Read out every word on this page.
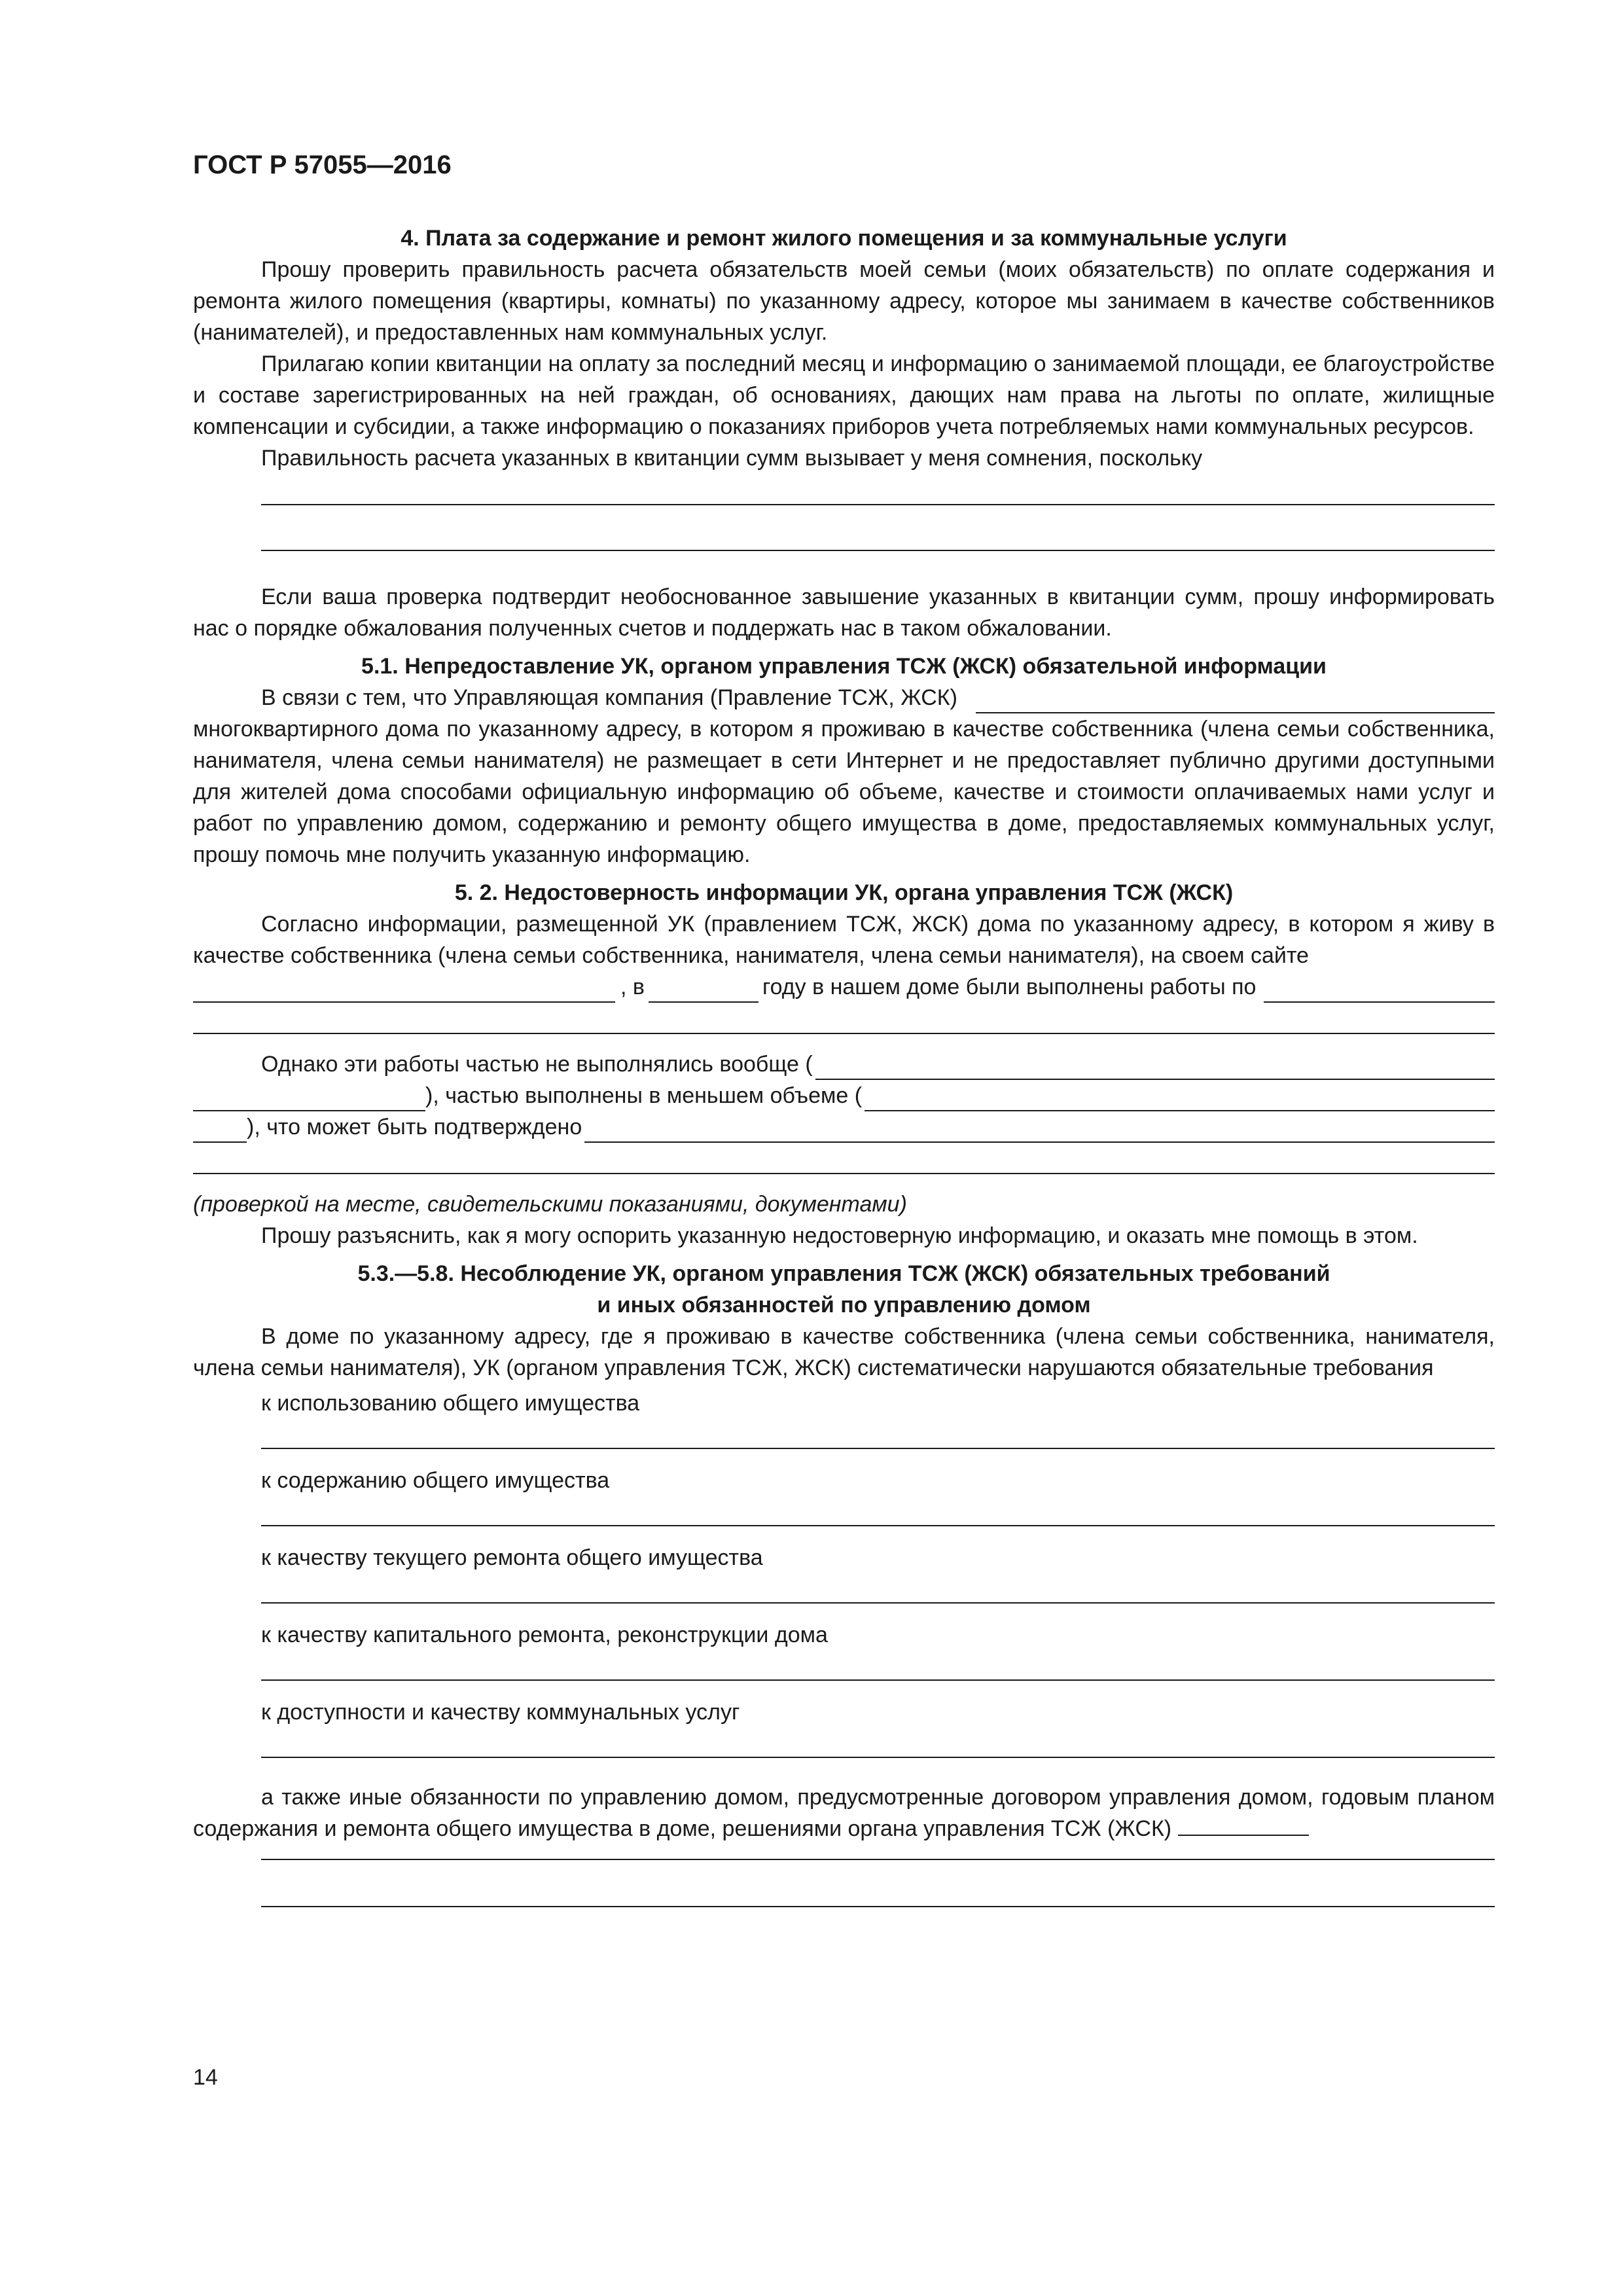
ГОСТ Р 57055—2016
4. Плата за содержание и ремонт жилого помещения и за коммунальные услуги

Прошу проверить правильность расчета обязательств моей семьи (моих обязательств) по оплате содержания и ремонта жилого помещения (квартиры, комнаты) по указанному адресу, которое мы занимаем в качестве собственников (нанимателей), и предоставленных нам коммунальных услуг.

Прилагаю копии квитанции на оплату за последний месяц и информацию о занимаемой площади, ее благоустройстве и составе зарегистрированных на ней граждан, об основаниях, дающих нам права на льготы по оплате, жилищные компенсации и субсидии, а также информацию о показаниях приборов учета потребляемых нами коммунальных ресурсов.

Правильность расчета указанных в квитанции сумм вызывает у меня сомнения, поскольку

Если ваша проверка подтвердит необоснованное завышение указанных в квитанции сумм, прошу информировать нас о порядке обжалования полученных счетов и поддержать нас в таком обжаловании.

5.1. Непредоставление УК, органом управления ТСЖ (ЖСК) обязательной информации
В связи с тем, что Управляющая компания (Правление ТСЖ, ЖСК)

многоквартирного дома по указанному адресу, в котором я проживаю в качестве собственника (члена семьи собственника, нанимателя, члена семьи нанимателя) не размещает в сети Интернет и не предоставляет публично другими доступными для жителей дома способами официальную информацию об объеме, качестве и стоимости оплачиваемых нами услуг и работ по управлению домом, содержанию и ремонту общего имущества в доме, предоставляемых коммунальных услуг, прошу помочь мне получить указанную информацию.

5. 2. Недостоверность информации УК, органа управления ТСЖ (ЖСК)

Согласно информации, размещенной УК (правлением ТСЖ, ЖСК) дома по указанному адресу, в котором я живу в качестве собственника (члена семьи собственника, нанимателя, члена семьи нанимателя), на своем сайте

, в	году в нашем доме были выполнены работы по
Однако эти работы частью не выполнялись вообще (
), частью выполнены в меньшем объеме (
), что может быть подтверждено

(проверкой на месте, свидетельскими показаниями, документами)

Прошу разъяснить, как я могу оспорить указанную недостоверную информацию, и оказать мне помощь в этом.

5.3.—5.8. Несоблюдение УК, органом управления ТСЖ (ЖСК) обязательных требований
и иных обязанностей по управлению домом

В доме по указанному адресу, где я проживаю в качестве собственника (члена семьи собственника, нанимателя, члена семьи нанимателя), УК (органом управления ТСЖ, ЖСК) систематически нарушаются обязательные требования

к использованию общего имущества
к содержанию общего имущества
к качеству текущего ремонта общего имущества
к качеству капитального ремонта, реконструкции дома
к доступности и качеству коммунальных услуг

а также иные обязанности по управлению домом, предусмотренные договором управления домом, годовым планом содержания и ремонта общего имущества в доме, решениями органа управления ТСЖ (ЖСК)

14
